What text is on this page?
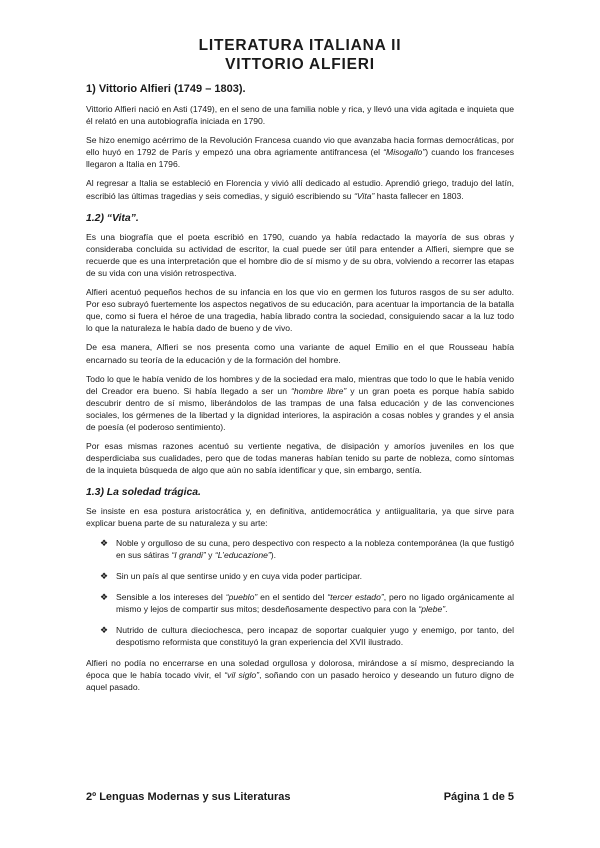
LITERATURA ITALIANA II
VITTORIO ALFIERI
1) Vittorio Alfieri (1749 – 1803).

Vittorio Alfieri nació en Asti (1749), en el seno de una familia noble y rica, y llevó una vida agitada e inquieta que él relató en una autobiografía iniciada en 1790.

Se hizo enemigo acérrimo de la Revolución Francesa cuando vio que avanzaba hacia formas democráticas, por ello huyó en 1792 de París y empezó una obra agriamente antifrancesa (el “Misogallo”) cuando los franceses llegaron a Italia en 1796.

Al regresar a Italia se estableció en Florencia y vivió allí dedicado al estudio. Aprendió griego, tradujo del latín, escribió las últimas tragedias y seis comedias, y siguió escribiendo su “Vita” hasta fallecer en 1803.

1.2) “Vita”.

Es una biografía que el poeta escribió en 1790, cuando ya había redactado la mayoría de sus obras y consideraba concluida su actividad de escritor, la cual puede ser útil para entender a Alfieri, siempre que se recuerde que es una interpretación que el hombre dio de sí mismo y de su obra, volviendo a recorrer las etapas de su vida con una visión retrospectiva.

Alfieri acentuó pequeños hechos de su infancia en los que vio en germen los futuros rasgos de su ser adulto. Por eso subrayó fuertemente los aspectos negativos de su educación, para acentuar la importancia de la batalla que, como si fuera el héroe de una tragedia, había librado contra la sociedad, consiguiendo sacar a la luz todo lo que la naturaleza le había dado de bueno y de vivo.

De esa manera, Alfieri se nos presenta como una variante de aquel Emilio en el que Rousseau había encarnado su teoría de la educación y de la formación del hombre.

Todo lo que le había venido de los hombres y de la sociedad era malo, mientras que todo lo que le había venido del Creador era bueno. Si había llegado a ser un “hombre libre” y un gran poeta es porque había sabido descubrir dentro de sí mismo, liberándolos de las trampas de una falsa educación y de las convenciones sociales, los gérmenes de la libertad y la dignidad interiores, la aspiración a cosas nobles y grandes y el ansia de poesía (el poderoso sentimiento).

Por esas mismas razones acentuó su vertiente negativa, de disipación y amoríos juveniles en los que desperdiciaba sus cualidades, pero que de todas maneras habían tenido su parte de nobleza, como síntomas de la inquieta búsqueda de algo que aún no sabía identificar y que, sin embargo, sentía.

1.3) La soledad trágica.

Se insiste en esa postura aristocrática y, en definitiva, antidemocrática y antiigualitaria, ya que sirve para explicar buena parte de su naturaleza y su arte:

❖ Noble y orgulloso de su cuna, pero despectivo con respecto a la nobleza contemporánea (la que fustigó en sus sátiras “I grandi” y “L’educazione”).
❖ Sin un país al que sentirse unido y en cuya vida poder participar.
❖ Sensible a los intereses del “pueblo” en el sentido del “tercer estado”, pero no ligado orgánicamente al mismo y lejos de compartir sus mitos; desdeñosamente despectivo para con la “plebe”.
❖ Nutrido de cultura dieciochesca, pero incapaz de soportar cualquier yugo y enemigo, por tanto, del despotismo reformista que constituyó la gran experiencia del XVII ilustrado.

Alfieri no podía no encerrarse en una soledad orgullosa y dolorosa, mirándose a sí mismo, despreciando la época que le había tocado vivir, el “vil siglo”, soñando con un pasado heroico y deseando un futuro digno de aquel pasado.

2º Lenguas Modernas y sus Literaturas	Página 1 de 5
